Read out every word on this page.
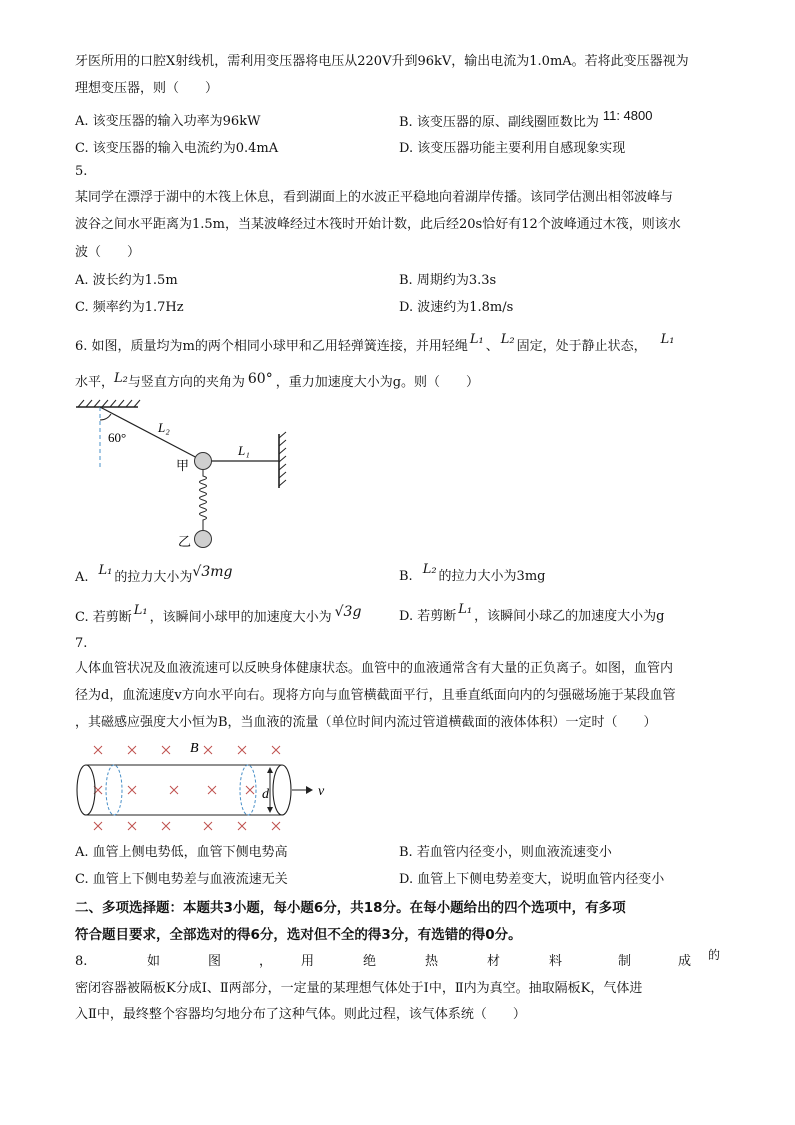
牙医所用的口腔X射线机，需利用变压器将电压从220V升到96kV，输出电流为1.0mA。若将此变压器视为
理想变压器，则（　　）
A. 该变压器的输入功率为96kW	B. 该变压器的原、副线圈匝数比为 11: 4800
C. 该变压器的输入电流约为0.4mA	D. 该变压器功能主要利用自感现象实现
5.
某同学在漂浮于湖中的木筏上休息，看到湖面上的水波正平稳地向着湖岸传播。该同学估测出相邻波峰与
波谷之间水平距离为1.5m，当某波峰经过木筏时开始计数，此后经20s恰好有12个波峰通过木筏，则该水
波（　　）
A. 波长约为1.5m	B. 周期约为3.3s
C. 频率约为1.7Hz	D. 波速约为1.8m/s
6. 如图，质量均为m的两个相同小球甲和乙用轻弹簧连接，并用轻绳 L₁ 、 L₂ 固定，处于静止状态， L₁
水平，L₂与竖直方向的夹角为 60° ，重力加速度大小为g。则（　　）
60°
L₂
L₁
甲
乙
A. L₁ 的拉力大小为√3mg	B. L₂ 的拉力大小为3mg
C. 若剪断 L₁ ，该瞬间小球甲的加速度大小为 √3g	D. 若剪断 L₁ ，该瞬间小球乙的加速度大小为g
7.
人体血管状况及血液流速可以反映身体健康状态。血管中的血液通常含有大量的正负离子。如图，血管内
径为d，血流速度v方向水平向右。现将方向与血管横截面平行，且垂直纸面向内的匀强磁场施于某段血管
，其磁感应强度大小恒为B，当血液的流量（单位时间内流过管道横截面的液体体积）一定时（　　）
B
d	v
A. 血管上侧电势低，血管下侧电势高	B. 若血管内径变小，则血液流速变小
C. 血管上下侧电势差与血液流速无关	D. 血管上下侧电势差变大，说明血管内径变小
二、多项选择题：本题共3小题，每小题6分，共18分。在每小题给出的四个选项中，有多项
符合题目要求，全部选对的得6分，选对但不全的得3分，有选错的得0分。
8.	如	图	， 用	绝	热	材	料	制	成 的
密闭容器被隔板K分成Ⅰ、Ⅱ两部分，一定量的某理想气体处于Ⅰ中，Ⅱ内为真空。抽取隔板K，气体进
入Ⅱ中，最终整个容器均匀地分布了这种气体。则此过程，该气体系统（　　）
